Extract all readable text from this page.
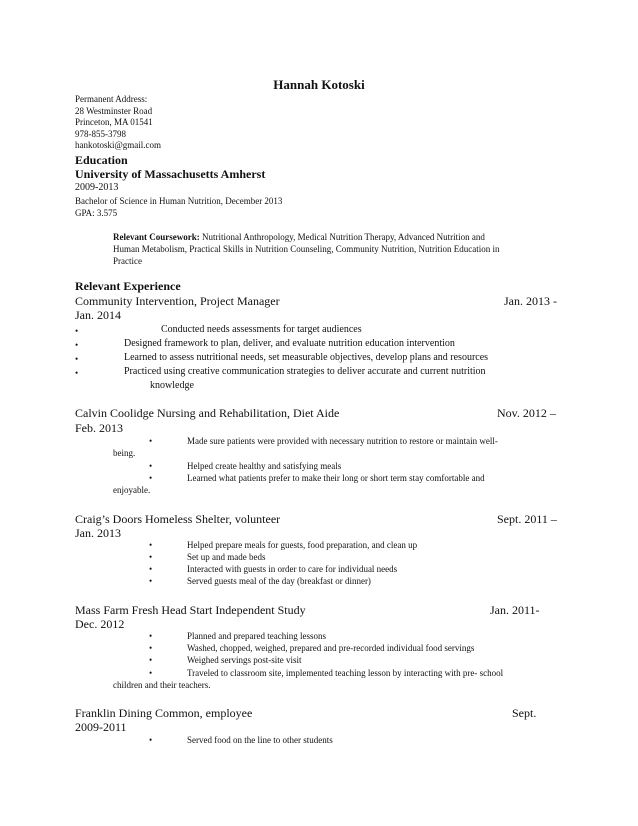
Hannah Kotoski
Permanent Address:
28 Westminster Road
Princeton, MA 01541
978-855-3798
hankotoski@gmail.com
Education
University of Massachusetts Amherst
2009-2013
Bachelor of Science in Human Nutrition, December 2013
GPA: 3.575
Relevant Coursework: Nutritional Anthropology, Medical Nutrition Therapy, Advanced Nutrition and
Human Metabolism, Practical Skills in Nutrition Counseling, Community Nutrition, Nutrition Education in
Practice
Relevant Experience
Community Intervention, Project Manager	Jan. 2013 -
Jan. 2014
•	Conducted needs assessments for target audiences
•	Designed framework to plan, deliver, and evaluate nutrition education intervention
•	Learned to assess nutritional needs, set measurable objectives, develop plans and resources
•	Practiced using creative communication strategies to deliver accurate and current nutrition
knowledge
Calvin Coolidge Nursing and Rehabilitation, Diet Aide	Nov. 2012 –
Feb. 2013
•	Made sure patients were provided with necessary nutrition to restore or maintain well-
being.
•	Helped create healthy and satisfying meals
•	Learned what patients prefer to make their long or short term stay comfortable and
enjoyable.
Craig’s Doors Homeless Shelter, volunteer	Sept. 2011 –
Jan. 2013
•	Helped prepare meals for guests, food preparation, and clean up
•	Set up and made beds
•	Interacted with guests in order to care for individual needs
•	Served guests meal of the day (breakfast or dinner)
Mass Farm Fresh Head Start Independent Study	Jan. 2011-
Dec. 2012
•	Planned and prepared teaching lessons
•	Washed, chopped, weighed, prepared and pre-recorded individual food servings
•	Weighed servings post-site visit
•	Traveled to classroom site, implemented teaching lesson by interacting with pre- school
children and their teachers.
Franklin Dining Common, employee	Sept.
2009-2011
•	Served food on the line to other students
